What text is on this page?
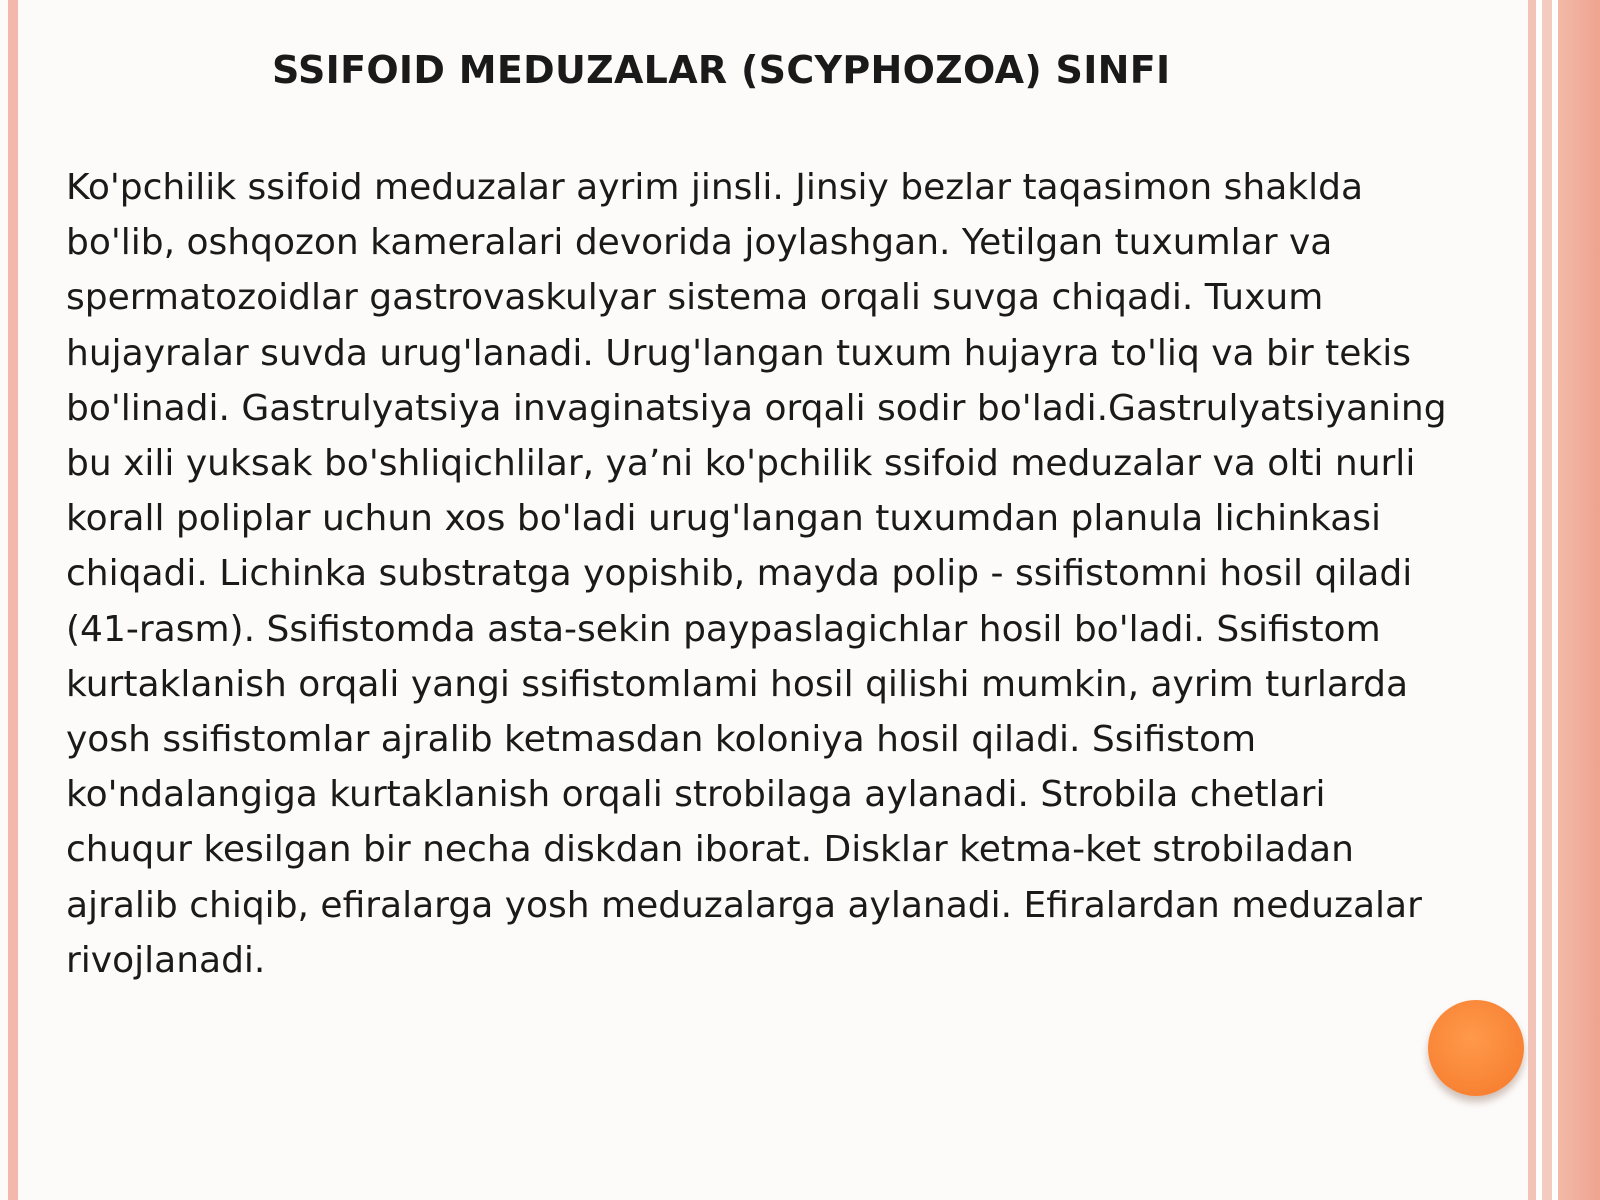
SSIFOID MEDUZALAR (SCYPHOZOA) SINFI

Ko'pchilik ssifoid meduzalar ayrim jinsli. Jinsiy bezlar taqasimon shaklda
bo'lib, oshqozon kameralari devorida joylashgan. Yetilgan tuxumlar va
spermatozoidlar gastrovaskulyar sistema orqali suvga chiqadi. Tuxum
hujayralar suvda urug'lanadi. Urug'langan tuxum hujayra to'liq va bir tekis
bo'linadi. Gastrulyatsiya invaginatsiya orqali sodir bo'ladi.Gastrulyatsiyaning
bu xili yuksak bo'shliqichlilar, ya’ni ko'pchilik ssifoid meduzalar va olti nurli
korall poliplar uchun xos bo'ladi urug'langan tuxumdan planula lichinkasi
chiqadi. Lichinka substratga yopishib, mayda polip - ssifistomni hosil qiladi
(41-rasm). Ssifistomda asta-sekin paypaslagichlar hosil bo'ladi. Ssifistom
kurtaklanish orqali yangi ssifistomlami hosil qilishi mumkin, ayrim turlarda
yosh ssifistomlar ajralib ketmasdan koloniya hosil qiladi. Ssifistom
ko'ndalangiga kurtaklanish orqali strobilaga aylanadi. Strobila chetlari
chuqur kesilgan bir necha diskdan iborat. Disklar ketma-ket strobiladan
ajralib chiqib, efiralarga yosh meduzalarga aylanadi. Efiralardan meduzalar
rivojlanadi.
